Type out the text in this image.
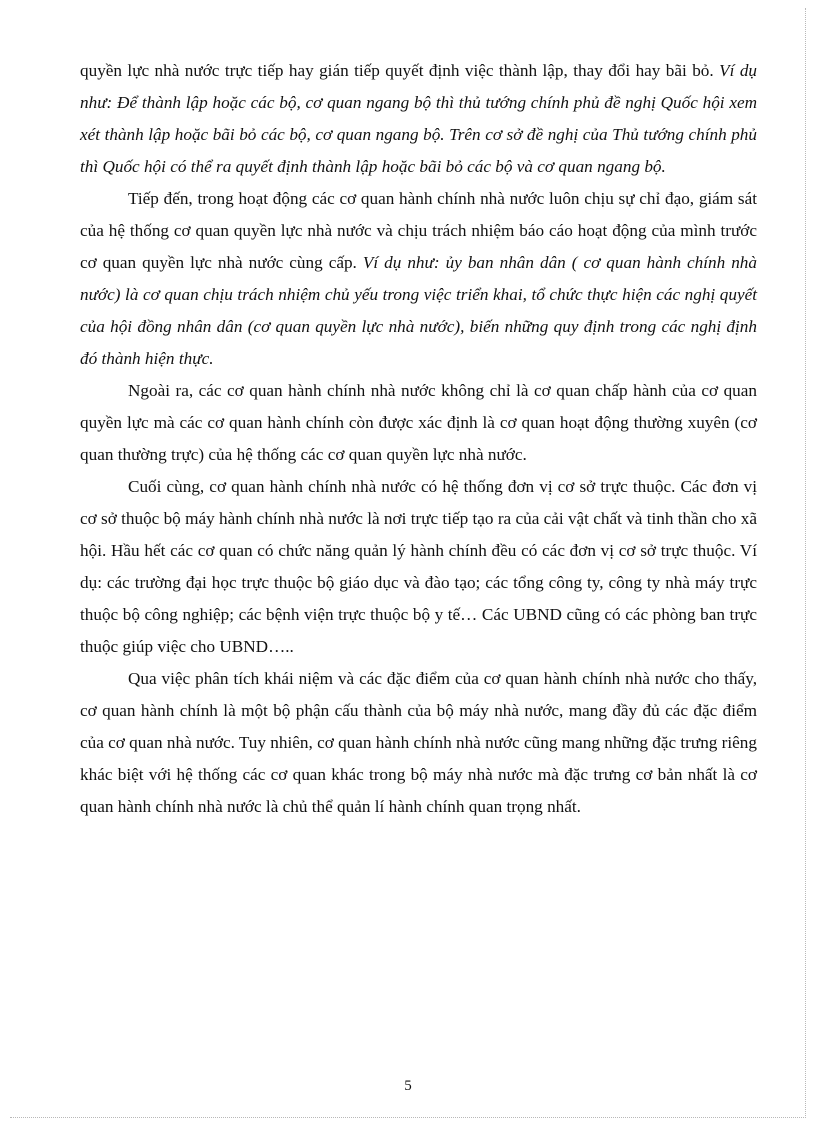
quyền lực nhà nước trực tiếp hay gián tiếp quyết định việc thành lập, thay đổi hay bãi bỏ. Ví dụ như: Để thành lập hoặc các bộ, cơ quan ngang bộ thì thủ tướng chính phủ đề nghị Quốc hội xem xét thành lập hoặc bãi bỏ các bộ, cơ quan ngang bộ. Trên cơ sở đề nghị của Thủ tướng chính phủ thì Quốc hội có thể ra quyết định thành lập hoặc bãi bỏ các bộ và cơ quan ngang bộ.

Tiếp đến, trong hoạt động các cơ quan hành chính nhà nước luôn chịu sự chỉ đạo, giám sát của hệ thống cơ quan quyền lực nhà nước và chịu trách nhiệm báo cáo hoạt động của mình trước cơ quan quyền lực nhà nước cùng cấp. Ví dụ như: ủy ban nhân dân ( cơ quan hành chính nhà nước) là cơ quan chịu trách nhiệm chủ yếu trong việc triển khai, tổ chức thực hiện các nghị quyết của hội đồng nhân dân (cơ quan quyền lực nhà nước), biến những quy định trong các nghị định đó thành hiện thực.

Ngoài ra, các cơ quan hành chính nhà nước không chỉ là cơ quan chấp hành của cơ quan quyền lực mà các cơ quan hành chính còn được xác định là cơ quan hoạt động thường xuyên (cơ quan thường trực) của hệ thống các cơ quan quyền lực nhà nước.

Cuối cùng, cơ quan hành chính nhà nước có hệ thống đơn vị cơ sở trực thuộc. Các đơn vị cơ sở thuộc bộ máy hành chính nhà nước là nơi trực tiếp tạo ra của cải vật chất và tinh thần cho xã hội. Hầu hết các cơ quan có chức năng quản lý hành chính đều có các đơn vị cơ sở trực thuộc. Ví dụ: các trường đại học trực thuộc bộ giáo dục và đào tạo; các tổng công ty, công ty nhà máy trực thuộc bộ công nghiệp; các bệnh viện trực thuộc bộ y tế… Các UBND cũng có các phòng ban trực thuộc giúp việc cho UBND…..

Qua việc phân tích khái niệm và các đặc điểm của cơ quan hành chính nhà nước cho thấy, cơ quan hành chính là một bộ phận cấu thành của bộ máy nhà nước, mang đầy đủ các đặc điểm của cơ quan nhà nước. Tuy nhiên, cơ quan hành chính nhà nước cũng mang những đặc trưng riêng khác biệt với hệ thống các cơ quan khác trong bộ máy nhà nước mà đặc trưng cơ bản nhất là cơ quan hành chính nhà nước là chủ thể quản lí hành chính quan trọng nhất.

5
